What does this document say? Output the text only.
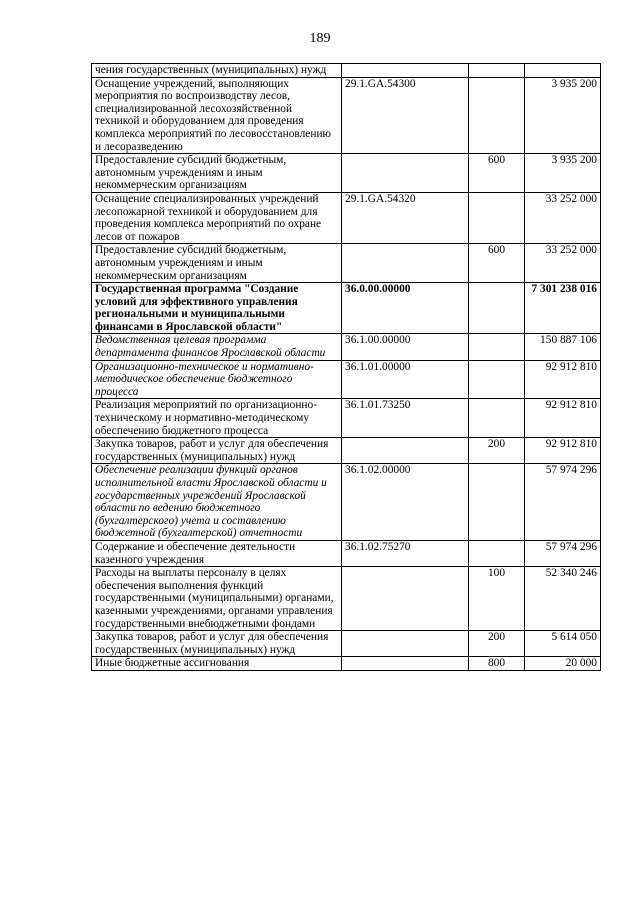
189
чения государственных (муниципальных) нужд			
Оснащение учреждений, выполняющих мероприятия по воспроизводству лесов, специализированной лесохозяйственной техникой и оборудованием для проведения комплекса мероприятий по лесовосстановлению и лесоразведению	29.1.GA.54300		3 935 200
Предоставление субсидий бюджетным, автономным учреждениям и иным некоммерческим организациям		600	3 935 200
Оснащение специализированных учреждений лесопожарной техникой и оборудованием для проведения комплекса мероприятий по охране лесов от пожаров	29.1.GA.54320		33 252 000
Предоставление субсидий бюджетным, автономным учреждениям и иным некоммерческим организациям		600	33 252 000
Государственная программа "Создание условий для эффективного управления региональными и муниципальными финансами в Ярославской области"	36.0.00.00000		7 301 238 016
Ведомственная целевая программа департамента финансов Ярославской области	36.1.00.00000		150 887 106
Организационно-техническое и нормативно-методическое обеспечение бюджетного процесса	36.1.01.00000		92 912 810
Реализация мероприятий по организационно-техническому и нормативно-методическому обеспечению бюджетного процесса	36.1.01.73250		92 912 810
Закупка товаров, работ и услуг для обеспечения государственных (муниципальных) нужд		200	92 912 810
Обеспечение реализации функций органов исполнительной власти Ярославской области и государственных учреждений Ярославской области по ведению бюджетного (бухгалтерского) учета и составлению бюджетной (бухгалтерской) отчетности	36.1.02.00000		57 974 296
Содержание и обеспечение деятельности казенного учреждения	36.1.02.75270		57 974 296
Расходы на выплаты персоналу в целях обеспечения выполнения функций государственными (муниципальными) органами, казенными учреждениями, органами управления государственными внебюджетными фондами		100	52 340 246
Закупка товаров, работ и услуг для обеспечения государственных (муниципальных) нужд		200	5 614 050
Иные бюджетные ассигнования		800	20 000
